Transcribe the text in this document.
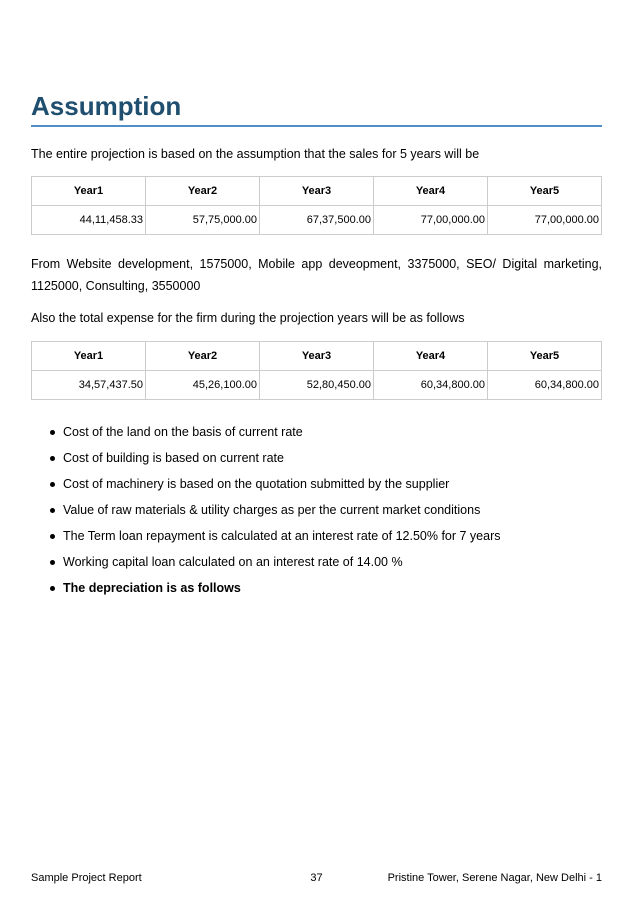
Assumption
The entire projection is based on the assumption that the sales for 5 years will be
Year1	Year2	Year3	Year4	Year5
44,11,458.33	57,75,000.00	67,37,500.00	77,00,000.00	77,00,000.00
From Website development, 1575000, Mobile app deveopment, 3375000, SEO/ Digital marketing, 1125000, Consulting, 3550000
Also the total expense for the firm during the projection years will be as follows
Year1	Year2	Year3	Year4	Year5
34,57,437.50	45,26,100.00	52,80,450.00	60,34,800.00	60,34,800.00
Cost of the land on the basis of current rate
Cost of building is based on current rate
Cost of machinery is based on the quotation submitted by the supplier
Value of raw materials & utility charges as per the current market conditions
The Term loan repayment is calculated at an interest rate of 12.50% for 7 years
Working capital loan calculated on an interest rate of 14.00 %
The depreciation is as follows
Sample Project Report	37	Pristine Tower, Serene Nagar, New Delhi - 1
